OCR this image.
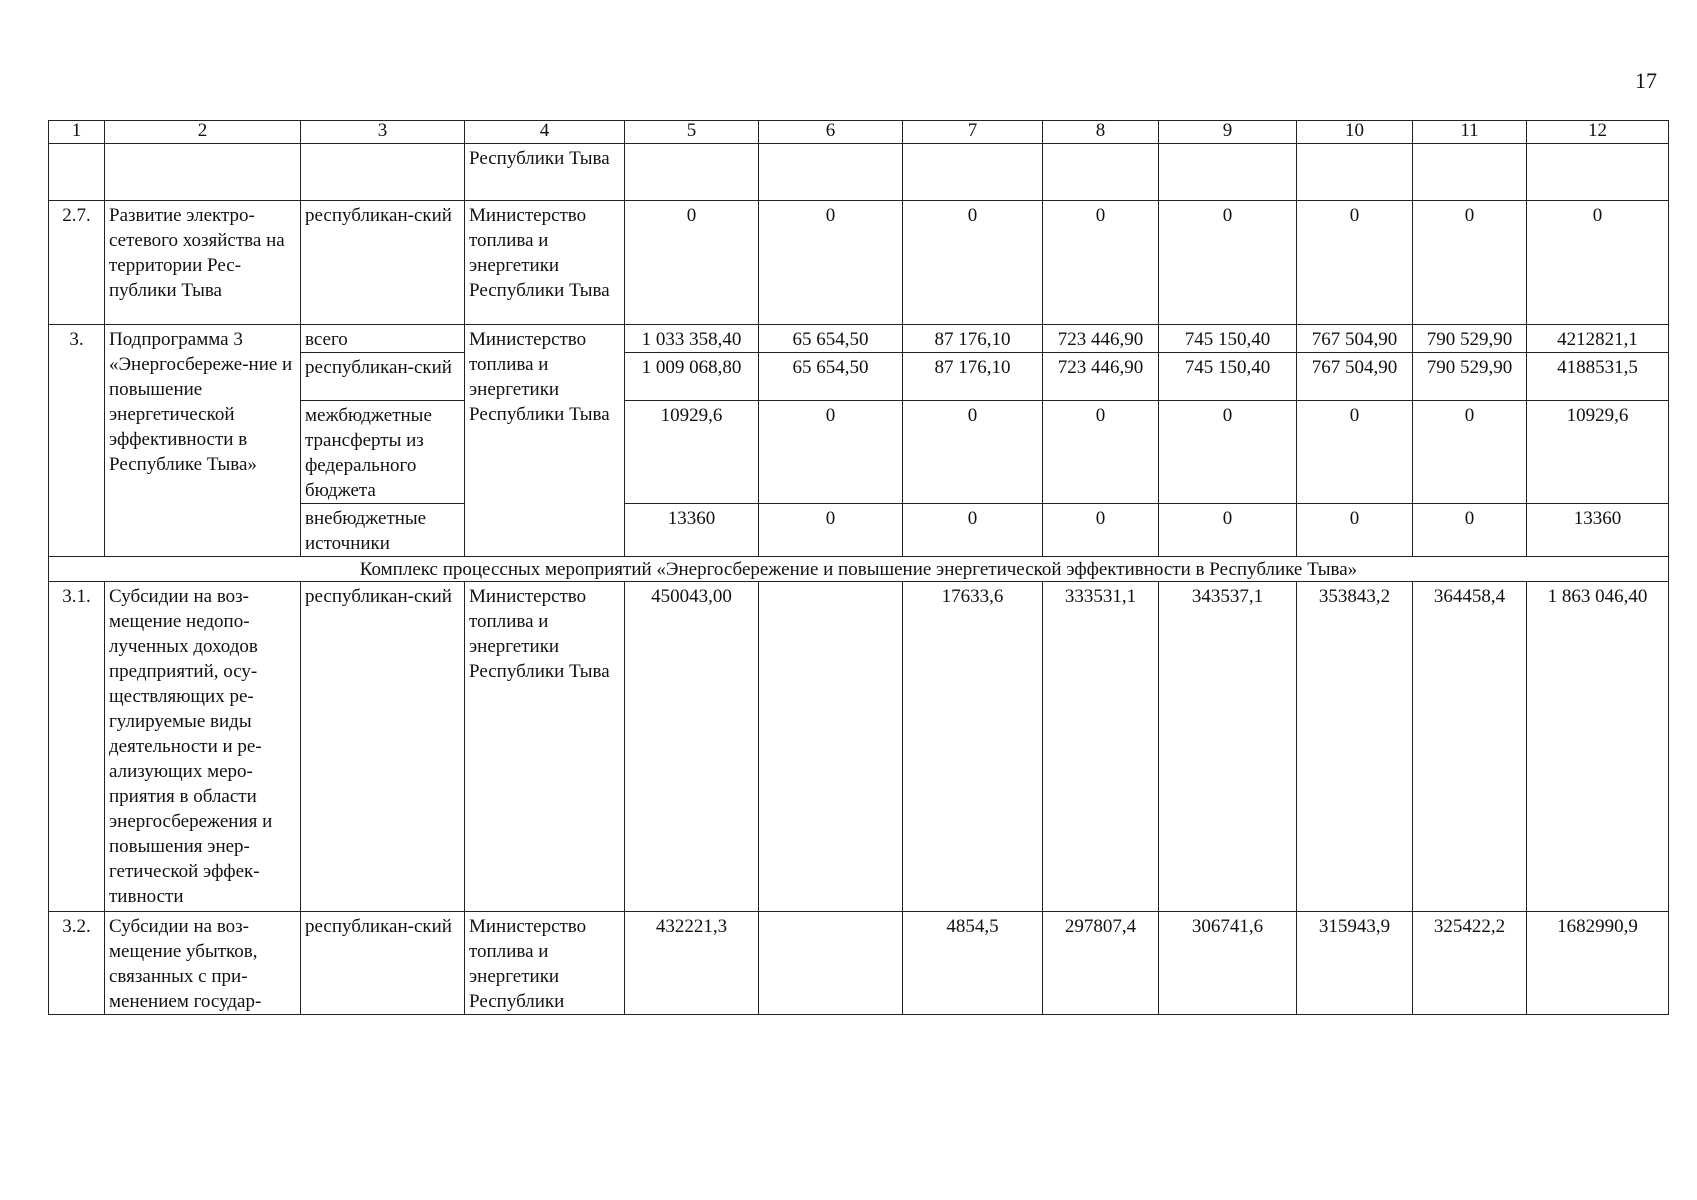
17
1	2	3	4	5	6	7	8	9	10	11	12
			Республики Тыва								
2.7.	Развитие электро-сетевого хозяйства на территории Рес-публики Тыва	республикан-ский	Министерство топлива и энергетики Республики Тыва	0	0	0	0	0	0	0	0
3.	Подпрограмма 3 «Энергосбереже-ние и повышение энергетической эффективности в Республике Тыва»	всего	Министерство топлива и энергетики Республики Тыва	1 033 358,40	65 654,50	87 176,10	723 446,90	745 150,40	767 504,90	790 529,90	4212821,1
		республикан-ский		1 009 068,80	65 654,50	87 176,10	723 446,90	745 150,40	767 504,90	790 529,90	4188531,5
		межбюджетные трансферты из федерального бюджета		10929,6	0	0	0	0	0	0	10929,6
		внебюджетные источники		13360	0	0	0	0	0	0	13360
Комплекс процессных мероприятий «Энергосбережение и повышение энергетической эффективности в Республике Тыва»											
3.1.	Субсидии на воз-мещение недопо-лученных доходов предприятий, осу-ществляющих ре-гулируемые виды деятельности и ре-ализующих меро-приятия в области энергосбережения и повышения энер-гетической эффек-тивности	республикан-ский	Министерство топлива и энергетики Республики Тыва	450043,00		17633,6	333531,1	343537,1	353843,2	364458,4	1 863 046,40
3.2.	Субсидии на воз-мещение убытков, связанных с при-менением государ-	республикан-ский	Министерство топлива и энергетики Республики	432221,3		4854,5	297807,4	306741,6	315943,9	325422,2	1682990,9
